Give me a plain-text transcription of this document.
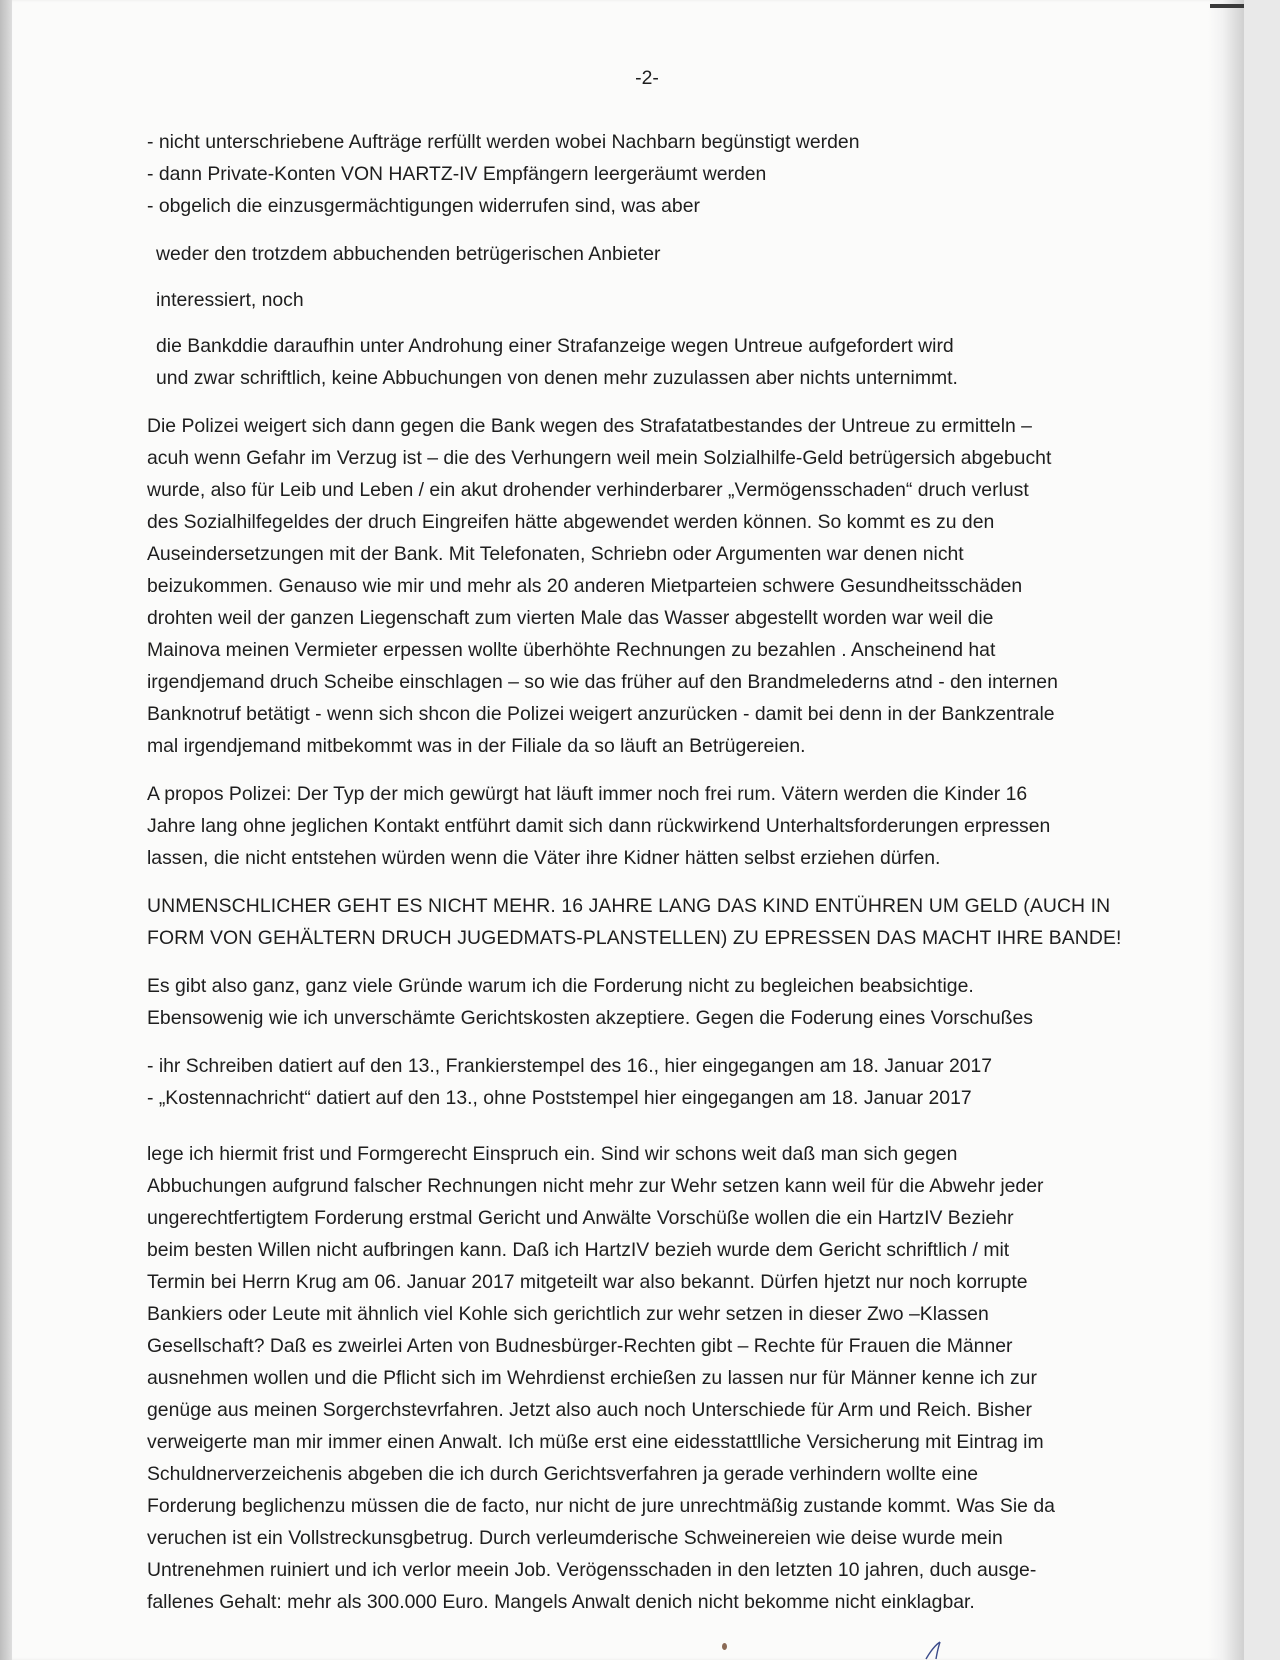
-2-
- nicht unterschriebene Aufträge rerfüllt werden wobei Nachbarn begünstigt werden
- dann Private-Konten VON HARTZ-IV Empfängern leergeräumt werden
- obgelich die einzusgermächtigungen widerrufen sind, was aber
weder den trotzdem abbuchenden betrügerischen Anbieter
interessiert, noch
die Bankddie daraufhin unter Androhung einer Strafanzeige wegen Untreue aufgefordert wird
und zwar schriftlich, keine Abbuchungen von denen mehr zuzulassen aber nichts unternimmt.
Die Polizei weigert sich dann gegen die Bank wegen des Strafatatbestandes der Untreue zu ermitteln –
acuh wenn Gefahr im Verzug ist – die des Verhungern weil mein Solzialhilfe-Geld betrügersich abgebucht
wurde, also für Leib und Leben / ein akut drohender verhinderbarer „Vermögensschaden“ druch verlust
des Sozialhilfegeldes der druch Eingreifen hätte abgewendet werden können. So kommt es zu den
Auseindersetzungen mit der Bank. Mit Telefonaten, Schriebn oder Argumenten war denen nicht
beizukommen. Genauso wie mir und mehr als 20 anderen Mietparteien schwere Gesundheitsschäden
drohten weil der ganzen Liegenschaft zum vierten Male das Wasser abgestellt worden war weil die
Mainova meinen Vermieter erpessen wollte überhöhte Rechnungen zu bezahlen . Anscheinend hat
irgendjemand druch Scheibe einschlagen – so wie das früher auf den Brandmelederns atnd - den internen
Banknotruf betätigt - wenn sich shcon die Polizei weigert anzurücken - damit bei denn in der Bankzentrale
mal irgendjemand mitbekommt was in der Filiale da so läuft an Betrügereien.
A propos Polizei: Der Typ der mich gewürgt hat läuft immer noch frei rum. Vätern werden die Kinder 16
Jahre lang ohne jeglichen Kontakt entführt damit sich dann rückwirkend Unterhaltsforderungen erpressen
lassen, die nicht entstehen würden wenn die Väter ihre Kidner hätten selbst erziehen dürfen.
UNMENSCHLICHER GEHT ES NICHT MEHR. 16 JAHRE LANG DAS KIND ENTÜHREN UM GELD (AUCH IN
FORM VON GEHÄLTERN DRUCH JUGEDMATS-PLANSTELLEN) ZU EPRESSEN DAS MACHT IHRE BANDE!
Es gibt also ganz, ganz viele Gründe warum ich die Forderung nicht zu begleichen beabsichtige.
Ebensowenig wie ich unverschämte Gerichtskosten akzeptiere. Gegen die Foderung eines Vorschußes
- ihr Schreiben datiert auf den 13., Frankierstempel des 16., hier eingegangen am 18. Januar 2017
- „Kostennachricht“ datiert auf den 13., ohne Poststempel hier eingegangen am 18. Januar 2017
lege ich hiermit frist und Formgerecht Einspruch ein. Sind wir schons weit daß man sich gegen
Abbuchungen aufgrund falscher Rechnungen nicht mehr zur Wehr setzen kann weil für die Abwehr jeder
ungerechtfertigtem Forderung erstmal Gericht und Anwälte Vorschüße wollen die ein HartzIV Beziehr
beim besten Willen nicht aufbringen kann. Daß ich HartzIV bezieh wurde dem Gericht schriftlich / mit
Termin bei Herrn Krug am 06. Januar 2017 mitgeteilt war also bekannt. Dürfen hjetzt nur noch korrupte
Bankiers oder Leute mit ähnlich viel Kohle sich gerichtlich zur wehr setzen in dieser Zwo –Klassen
Gesellschaft? Daß es zweirlei Arten von Budnesbürger-Rechten gibt – Rechte für Frauen die Männer
ausnehmen wollen und die Pflicht sich im Wehrdienst erchießen zu lassen nur für Männer kenne ich zur
genüge aus meinen Sorgerchstevrfahren. Jetzt also auch noch Unterschiede für Arm und Reich. Bisher
verweigerte man mir immer einen Anwalt. Ich müße erst eine eidesstattlliche Versicherung mit Eintrag im
Schuldnerverzeichenis abgeben die ich durch Gerichtsverfahren ja gerade verhindern wollte eine
Forderung beglichenzu müssen die de facto, nur nicht de jure unrechtmäßig zustande kommt. Was Sie da
veruchen ist ein Vollstreckunsgbetrug. Durch verleumderische Schweinereien wie deise wurde mein
Untrenehmen ruiniert und ich verlor meein Job. Verögensschaden in den letzten 10 jahren, duch ausge-
fallenes Gehalt: mehr als 300.000 Euro. Mangels Anwalt denich nicht bekomme nicht einklagbar.
